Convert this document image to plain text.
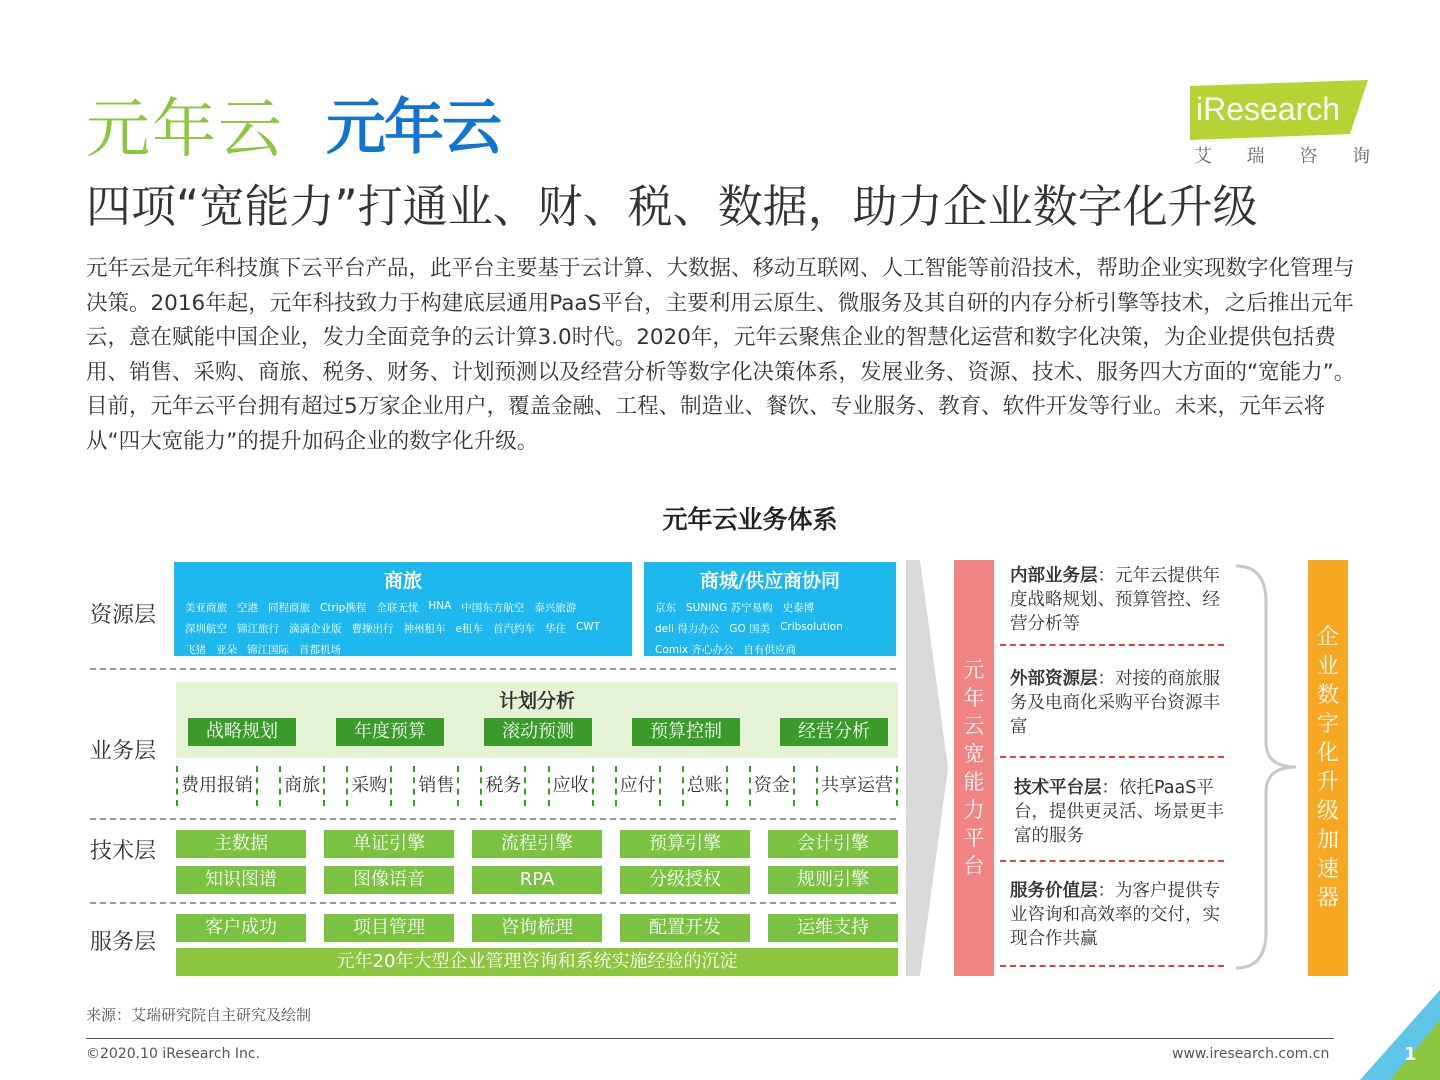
元年云 元年云	iResearch
艾 瑞 咨 询
四项“宽能力”打通业、财、税、数据，助力企业数字化升级
元年云是元年科技旗下云平台产品，此平台主要基于云计算、大数据、移动互联网、人工智能等前沿技术，帮助企业实现数字化管理与决策。2016年起，元年科技致力于构建底层通用PaaS平台，主要利用云原生、微服务及其自研的内存分析引擎等技术，之后推出元年云，意在赋能中国企业，发力全面竞争的云计算3.0时代。2020年，元年云聚焦企业的智慧化运营和数字化决策，为企业提供包括费用、销售、采购、商旅、税务、财务、计划预测以及经营分析等数字化决策体系，发展业务、资源、技术、服务四大方面的“宽能力”。目前，元年云平台拥有超过5万家企业用户，覆盖金融、工程、制造业、餐饮、专业服务、教育、软件开发等行业。未来，元年云将从“四大宽能力”的提升加码企业的数字化升级。
元年云业务体系
资源层
业务层
技术层
服务层
商旅
美亚商旅 空港 同程商旅 Ctrip携程 全联无忧 HNA 中国东方航空 泰兴旅游
深圳航空 锦江旅行 滴滴企业版 曹操出行 神州租车 e租车 首汽约车 华住 CWT
飞猪 亚朵 锦江国际 首都机场
商城/供应商协同
京东 SUNING 苏宁易购 史泰博
deli 得力办公 GO 国美 Cribsolution
Comix 齐心办公 自有供应商
计划分析
战略规划	年度预算	滚动预测	预算控制	经营分析
费用报销 商旅 采购 销售 税务 应收 应付 总账 资金 共享运营
主数据	单证引擎	流程引擎	预算引擎	会计引擎
知识图谱	图像语音	RPA	分级授权	规则引擎
客户成功	项目管理	咨询梳理	配置开发	运维支持
元年20年大型企业管理咨询和系统实施经验的沉淀
元
年
云
宽
能
力
平
台
内部业务层：元年云提供年度战略规划、预算管控、经营分析等
外部资源层：对接的商旅服务及电商化采购平台资源丰富
技术平台层：依托PaaS平台，提供更灵活、场景更丰富的服务
服务价值层：为客户提供专业咨询和高效率的交付，实现合作共赢
企
业
数
字
化
升
级
加
速
器
来源：艾瑞研究院自主研究及绘制
©2020.10 iResearch Inc.	www.iresearch.com.cn	1
